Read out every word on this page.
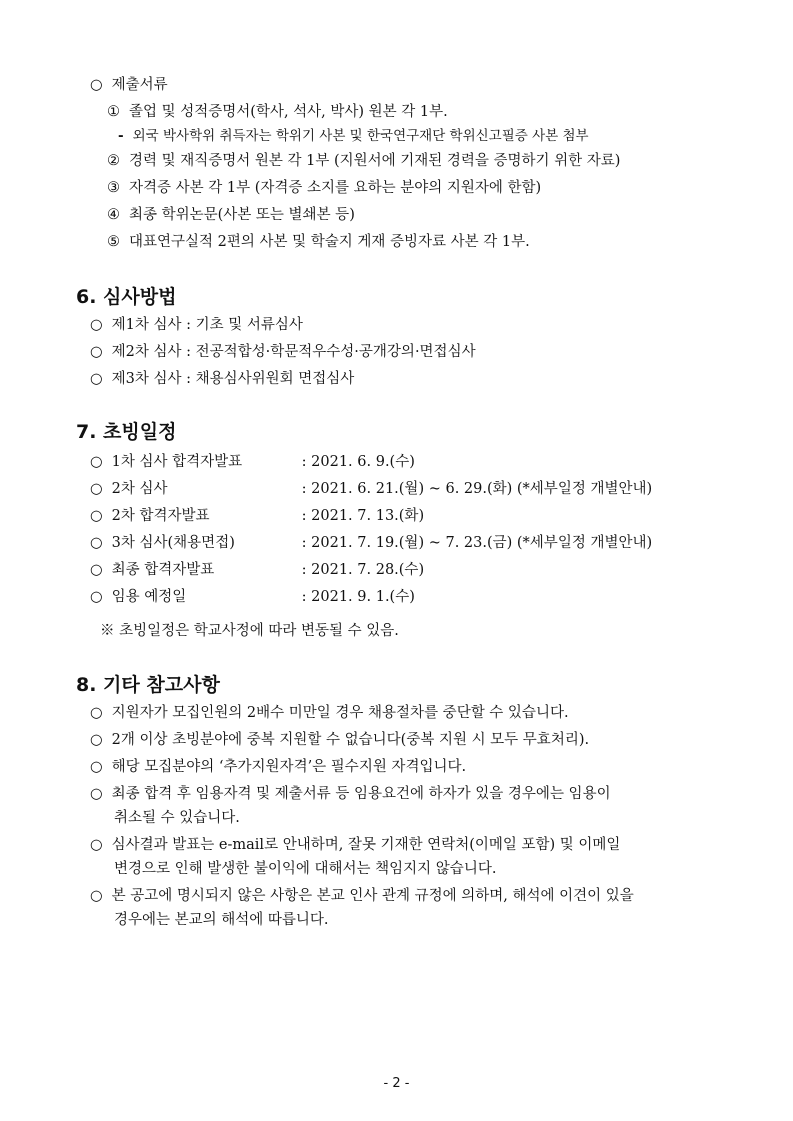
○ 제출서류
① 졸업 및 성적증명서(학사, 석사, 박사) 원본 각 1부.
- 외국 박사학위 취득자는 학위기 사본 및 한국연구재단 학위신고필증 사본 첨부
② 경력 및 재직증명서 원본 각 1부 (지원서에 기재된 경력을 증명하기 위한 자료)
③ 자격증 사본 각 1부 (자격증 소지를 요하는 분야의 지원자에 한함)
④ 최종 학위논문(사본 또는 별쇄본 등)
⑤ 대표연구실적 2편의 사본 및 학술지 게재 증빙자료 사본 각 1부.
6. 심사방법
○ 제1차 심사 : 기초 및 서류심사
○ 제2차 심사 : 전공적합성·학문적우수성·공개강의·면접심사
○ 제3차 심사 : 채용심사위원회 면접심사
7. 초빙일정
○ 1차 심사 합격자발표	: 2021. 6. 9.(수)
○ 2차 심사	: 2021. 6. 21.(월) ~ 6. 29.(화) (*세부일정 개별안내)
○ 2차 합격자발표	: 2021. 7. 13.(화)
○ 3차 심사(채용면접)	: 2021. 7. 19.(월) ~ 7. 23.(금) (*세부일정 개별안내)
○ 최종 합격자발표	: 2021. 7. 28.(수)
○ 임용 예정일	: 2021. 9. 1.(수)
※ 초빙일정은 학교사정에 따라 변동될 수 있음.
8. 기타 참고사항
○ 지원자가 모집인원의 2배수 미만일 경우 채용절차를 중단할 수 있습니다.
○ 2개 이상 초빙분야에 중복 지원할 수 없습니다(중복 지원 시 모두 무효처리).
○ 해당 모집분야의 ‘추가지원자격’은 필수지원 자격입니다.
○ 최종 합격 후 임용자격 및 제출서류 등 임용요건에 하자가 있을 경우에는 임용이
취소될 수 있습니다.
○ 심사결과 발표는 e-mail로 안내하며, 잘못 기재한 연락처(이메일 포함) 및 이메일
변경으로 인해 발생한 불이익에 대해서는 책임지지 않습니다.
○ 본 공고에 명시되지 않은 사항은 본교 인사 관계 규정에 의하며, 해석에 이견이 있을
경우에는 본교의 해석에 따릅니다.
- 2 -
